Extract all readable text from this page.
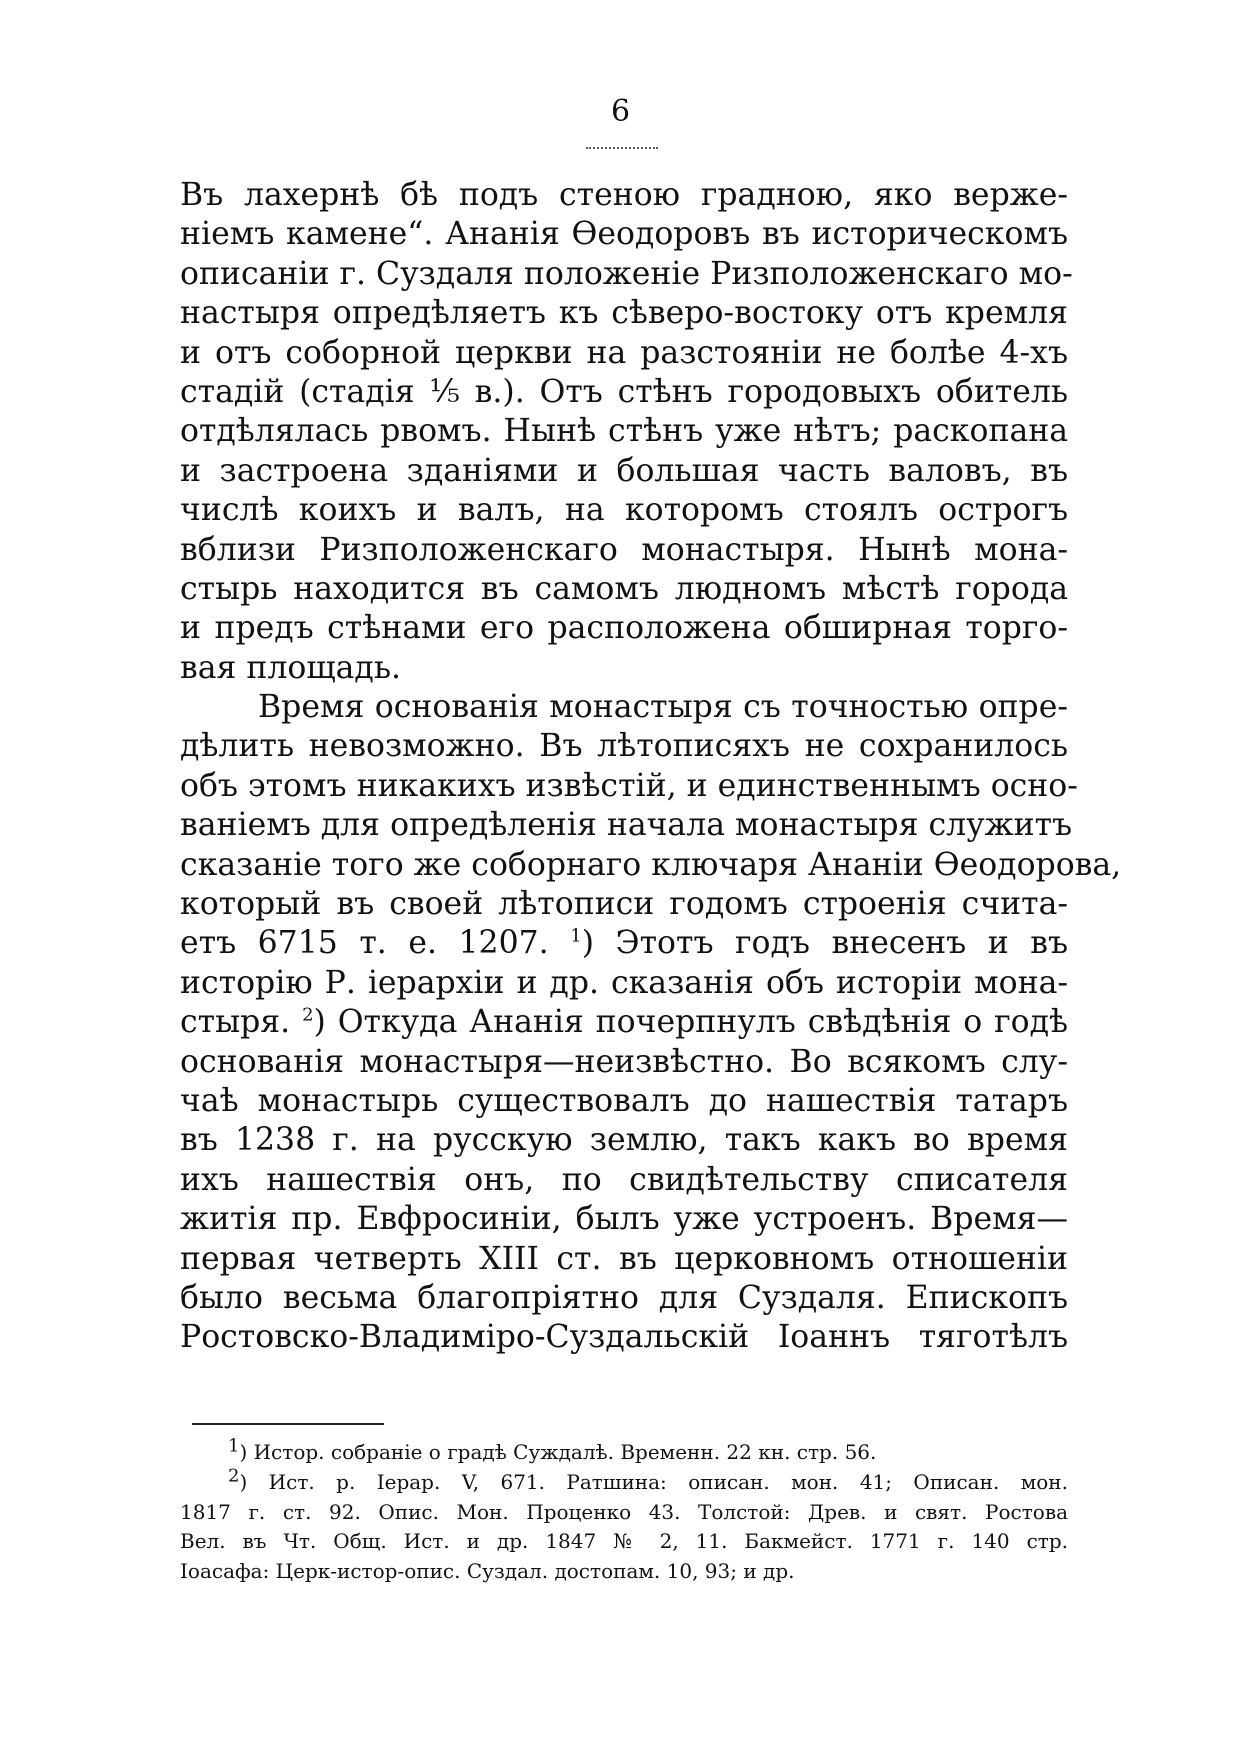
6
Въ лахернѣ бѣ подъ стеною градною, яко верже-
ніемъ камене“. Ананія Ѳеодоровъ въ историческомъ
описаніи г. Суздаля положеніе Ризположенскаго мо-
настыря опредѣляетъ къ сѣверо-востоку отъ кремля
и отъ соборной церкви на разстояніи не болѣе 4-хъ
стадій (стадія ⅕ в.). Отъ стѣнъ городовыхъ обитель
отдѣлялась рвомъ. Нынѣ стѣнъ уже нѣтъ; раскопана
и застроена зданіями и большая часть валовъ, въ
числѣ коихъ и валъ, на которомъ стоялъ острогъ
вблизи Ризположенскаго монастыря. Нынѣ мона-
стырь находится въ самомъ людномъ мѣстѣ города
и предъ стѣнами его расположена обширная торго-
вая площадь.
Время основанія монастыря съ точностью опре-
дѣлить невозможно. Въ лѣтописяхъ не сохранилось
объ этомъ никакихъ извѣстій, и единственнымъ осно-
ваніемъ для опредѣленія начала монастыря служитъ
сказаніе того же соборнаго ключаря Ананіи Ѳеодорова,
который въ своей лѣтописи годомъ строенія счита-
етъ 6715 т. е. 1207. $^1$) Этотъ годъ внесенъ и въ
исторію Р. іерархіи и др. сказанія объ исторіи мона-
стыря. $^2$) Откуда Ананія почерпнулъ свѣдѣнія о годѣ
основанія монастыря—неизвѣстно. Во всякомъ слу-
чаѣ монастырь существовалъ до нашествія татаръ
въ 1238 г. на русскую землю, такъ какъ во время
ихъ нашествія онъ, по свидѣтельству списателя
житія пр. Евфросиніи, былъ уже устроенъ. Время—
первая четверть XIII ст. въ церковномъ отношеніи
было весьма благопріятно для Суздаля. Епископъ
Ростовско-Владиміро-Суздальскій Іоаннъ тяготѣлъ
$^1$) Истор. собраніе о градѣ Суждалѣ. Временн. 22 кн. стр. 56.
$^2$) Ист. р. Іерар. V, 671. Ратшина: описан. мон. 41; Описан. мон.
1817 г. ст. 92. Опис. Мон. Проценко 43. Толстой: Древ. и свят. Ростова
Вел. въ Чт. Общ. Ист. и др. 1847 № 2, 11. Бакмейст. 1771 г. 140 стр.
Іоасафа: Церк-истор-опис. Суздал. достопам. 10, 93; и др.
